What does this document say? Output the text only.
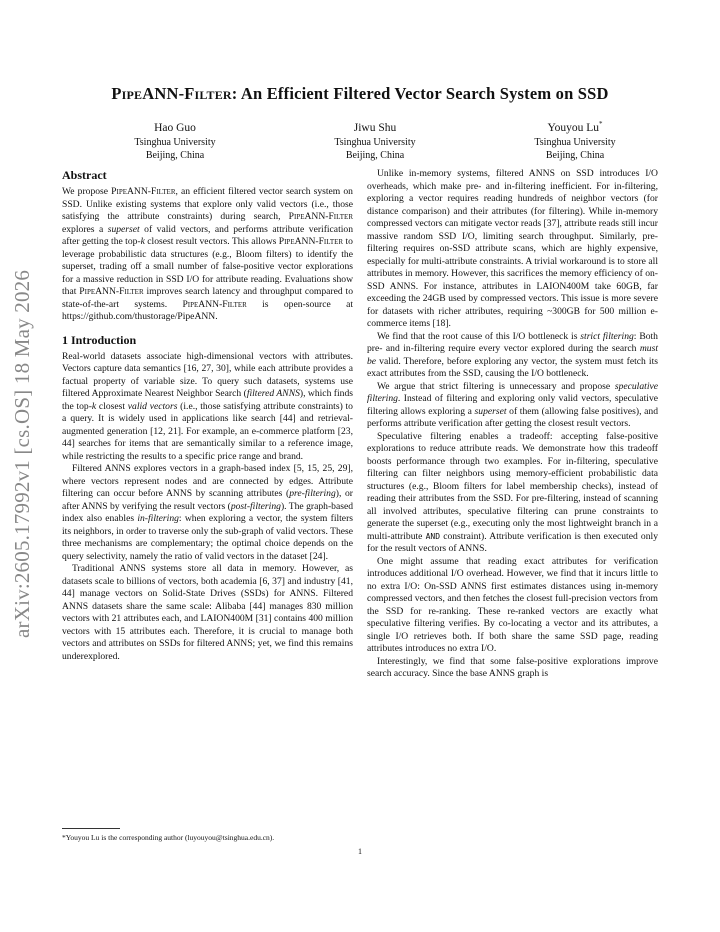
arXiv:2605.17992v1 [cs.OS] 18 May 2026
PipeANN-Filter: An Efficient Filtered Vector Search System on SSD
Hao Guo
Tsinghua University
Beijing, China
Jiwu Shu
Tsinghua University
Beijing, China
Youyou Lu*
Tsinghua University
Beijing, China
Abstract

We propose PipeANN-Filter, an efficient filtered vector search system on SSD. Unlike existing systems that explore only valid vectors (i.e., those satisfying the attribute constraints) during search, PipeANN-Filter explores a superset of valid vectors, and performs attribute verification after getting the top-k closest result vectors. This allows PipeANN-Filter to leverage probabilistic data structures (e.g., Bloom filters) to identify the superset, trading off a small number of false-positive vector explorations for a massive reduction in SSD I/O for attribute reading. Evaluations show that PipeANN-Filter improves search latency and throughput compared to state-of-the-art systems. PipeANN-Filter is open-source at https://github.com/thustorage/PipeANN.

1 Introduction

Real-world datasets associate high-dimensional vectors with attributes. Vectors capture data semantics [16, 27, 30], while each attribute provides a factual property of variable size. To query such datasets, systems use filtered Approximate Nearest Neighbor Search (filtered ANNS), which finds the top-k closest valid vectors (i.e., those satisfying attribute constraints) to a query. It is widely used in applications like search [44] and retrieval-augmented generation [12, 21]. For example, an e-commerce platform [23, 44] searches for items that are semantically similar to a reference image, while restricting the results to a specific price range and brand.

Filtered ANNS explores vectors in a graph-based index [5, 15, 25, 29], where vectors represent nodes and are connected by edges. Attribute filtering can occur before ANNS by scanning attributes (pre-filtering), or after ANNS by verifying the result vectors (post-filtering). The graph-based index also enables in-filtering: when exploring a vector, the system filters its neighbors, in order to traverse only the sub-graph of valid vectors. These three mechanisms are complementary; the optimal choice depends on the query selectivity, namely the ratio of valid vectors in the dataset [24].

Traditional ANNS systems store all data in memory. However, as datasets scale to billions of vectors, both academia [6, 37] and industry [41, 44] manage vectors on Solid-State Drives (SSDs) for ANNS. Filtered ANNS datasets share the same scale: Alibaba [44] manages 830 million vectors with 21 attributes each, and LAION400M [31] contains 400 million vectors with 15 attributes each. Therefore, it is crucial to manage both vectors and attributes on SSDs for filtered ANNS; yet, we find this remains underexplored.

Unlike in-memory systems, filtered ANNS on SSD introduces I/O overheads, which make pre- and in-filtering inefficient. For in-filtering, exploring a vector requires reading hundreds of neighbor vectors (for distance comparison) and their attributes (for filtering). While in-memory compressed vectors can mitigate vector reads [37], attribute reads still incur massive random SSD I/O, limiting search throughput. Similarly, pre-filtering requires on-SSD attribute scans, which are highly expensive, especially for multi-attribute constraints. A trivial workaround is to store all attributes in memory. However, this sacrifices the memory efficiency of on-SSD ANNS. For instance, attributes in LAION400M take 60GB, far exceeding the 24GB used by compressed vectors. This issue is more severe for datasets with richer attributes, requiring ~300GB for 500 million e-commerce items [18].

We find that the root cause of this I/O bottleneck is strict filtering: Both pre- and in-filtering require every vector explored during the search must be valid. Therefore, before exploring any vector, the system must fetch its exact attributes from the SSD, causing the I/O bottleneck.

We argue that strict filtering is unnecessary and propose speculative filtering. Instead of filtering and exploring only valid vectors, speculative filtering allows exploring a superset of them (allowing false positives), and performs attribute verification after getting the closest result vectors.

Speculative filtering enables a tradeoff: accepting false-positive explorations to reduce attribute reads. We demonstrate how this tradeoff boosts performance through two examples. For in-filtering, speculative filtering can filter neighbors using memory-efficient probabilistic data structures (e.g., Bloom filters for label membership checks), instead of reading their attributes from the SSD. For pre-filtering, instead of scanning all involved attributes, speculative filtering can prune constraints to generate the superset (e.g., executing only the most lightweight branch in a multi-attribute AND constraint). Attribute verification is then executed only for the result vectors of ANNS.

One might assume that reading exact attributes for verification introduces additional I/O overhead. However, we find that it incurs little to no extra I/O: On-SSD ANNS first estimates distances using in-memory compressed vectors, and then fetches the closest full-precision vectors from the SSD for re-ranking. These re-ranked vectors are exactly what speculative filtering verifies. By co-locating a vector and its attributes, a single I/O retrieves both. If both share the same SSD page, reading attributes introduces no extra I/O.

Interestingly, we find that some false-positive explorations improve search accuracy. Since the base ANNS graph is

*Youyou Lu is the corresponding author (luyouyou@tsinghua.edu.cn).
1
